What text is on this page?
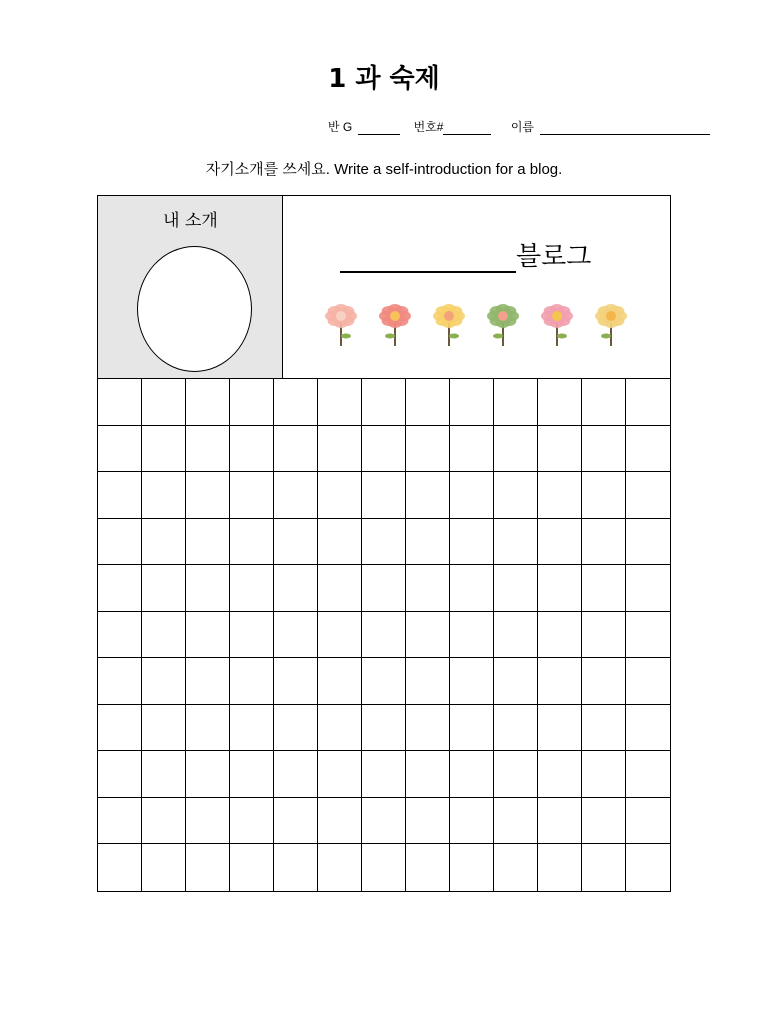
1 과 숙제
반 G	번호#	이름
자기소개를 쓰세요. Write a self-introduction for a blog.
내 소개
블로그
